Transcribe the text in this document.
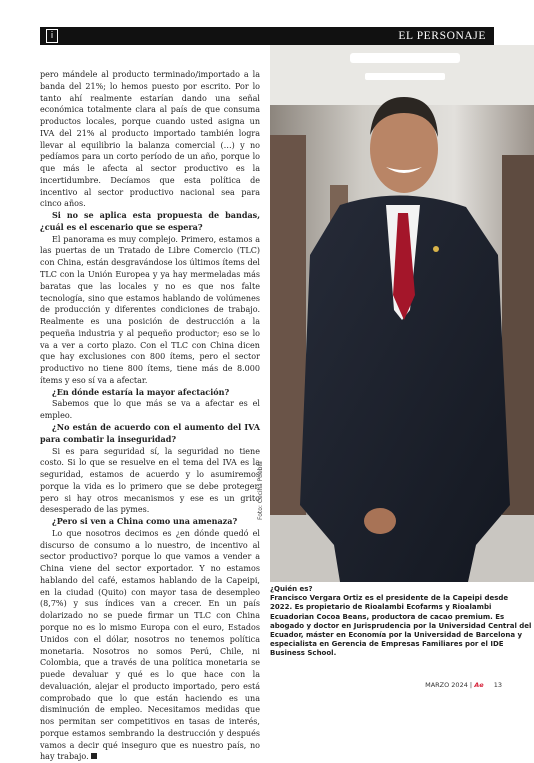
i	EL PERSONAJE

pero mándele al producto terminado/importado a la banda del 21%; lo hemos puesto por escrito. Por lo tanto ahí realmente estarían dando una señal económica totalmente clara al país de que consuma productos locales, porque cuando usted asigna un IVA del 21% al producto importado también logra llevar al equilibrio la balanza comercial (…) y no pedíamos para un corto período de un año, porque lo que más le afecta al sector productivo es la incertidumbre. Decíamos que esta política de incentivo al sector productivo nacional sea para cinco años.

Si no se aplica esta propuesta de bandas, ¿cuál es el escenario que se espera?

El panorama es muy complejo. Primero, estamos a las puertas de un Tratado de Libre Comercio (TLC) con China, están desgravándose los últimos ítems del TLC con la Unión Europea y ya hay mermeladas más baratas que las locales y no es que nos falte tecnología, sino que estamos hablando de volúmenes de producción y diferentes condiciones de trabajo. Realmente es una posición de destrucción a la pequeña industria y al pequeño productor; eso se lo va a ver a corto plazo. Con el TLC con China dicen que hay exclusiones con 800 ítems, pero el sector productivo no tiene 800 ítems, tiene más de 8.000 ítems y eso sí va a afectar.

¿En dónde estaría la mayor afectación?

Sabemos que lo que más se va a afectar es el empleo.

¿No están de acuerdo con el aumento del IVA para combatir la inseguridad?

Si es para seguridad sí, la seguridad no tiene costo. Si lo que se resuelve en el tema del IVA es la seguridad, estamos de acuerdo y lo asumiremos porque la vida es lo primero que se debe proteger, pero si hay otros mecanismos y ese es un grito desesperado de las pymes.

¿Pero si ven a China como una amenaza?

Lo que nosotros decimos es ¿en dónde quedó el discurso de consumo a lo nuestro, de incentivo al sector productivo? porque lo que vamos a vender a China viene del sector exportador. Y no estamos hablando del café, estamos hablando de la Capeipi, en la ciudad (Quito) con mayor tasa de desempleo (8,7%) y sus índices van a crecer. En un país dolarizado no se puede firmar un TLC con China porque no es lo mismo Europa con el euro, Estados Unidos con el dólar, nosotros no tenemos política monetaria. Nosotros no somos Perú, Chile, ni Colombia, que a través de una política monetaria se puede devaluar y qué es lo que hace con la devaluación, alejar el producto importado, pero está comprobado que lo que están haciendo es una disminución de empleo. Necesitamos medidas que nos permitan ser competitivos en tasas de interés, porque estamos sembrando la destrucción y después vamos a decir qué inseguro que es nuestro país, no hay trabajo.

Foto: Cecilia Puebla
¿Quién es?
Francisco Vergara Ortiz es el presidente de la Capeipi desde 2022. Es propietario de Rioalambi Ecofarms y Rioalambi Ecuadorian Cocoa Beans, productora de cacao premium. Es abogado y doctor en Jurisprudencia por la Universidad Central del Ecuador, máster en Economía por la Universidad de Barcelona y especialista en Gerencia de Empresas Familiares por el IDE Business School.
MARZO 2024 | Ae 13
